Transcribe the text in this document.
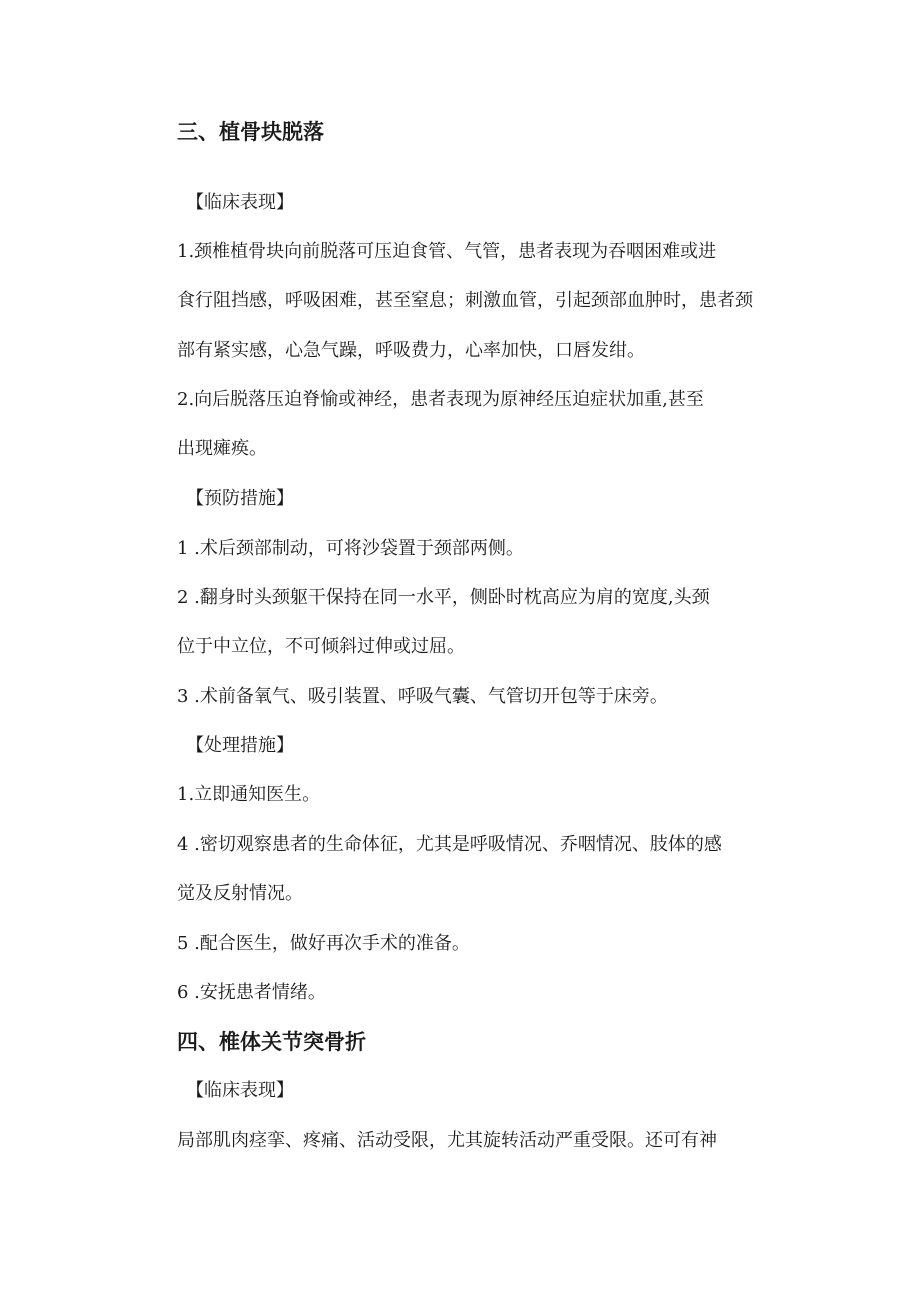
三、植骨块脱落
【临床表现】
1.颈椎植骨块向前脱落可压迫食管、气管，患者表现为吞咽困难或进
食行阻挡感，呼吸困难，甚至窒息；刺激血管，引起颈部血肿时，患者颈
部有紧实感，心急气躁，呼吸费力，心率加快，口唇发绀。
2.向后脱落压迫脊愉或神经，患者表现为原神经压迫症状加重,甚至
出现瘫痪。
【预防措施】
1 .术后颈部制动，可将沙袋置于颈部两侧。
2 .翻身时头颈躯干保持在同一水平，侧卧时枕高应为肩的宽度,头颈
位于中立位，不可倾斜过伸或过屈。
3 .术前备氧气、吸引装置、呼吸气囊、气管切开包等于床旁。
【处理措施】
1.立即通知医生。
4 .密切观察患者的生命体征，尤其是呼吸情况、乔咽情况、肢体的感
觉及反射情况。
5 .配合医生，做好再次手术的准备。
6 .安抚患者情绪。
四、椎体关节突骨折
【临床表现】
局部肌肉痉挛、疼痛、活动受限，尤其旋转活动严重受限。还可有神
